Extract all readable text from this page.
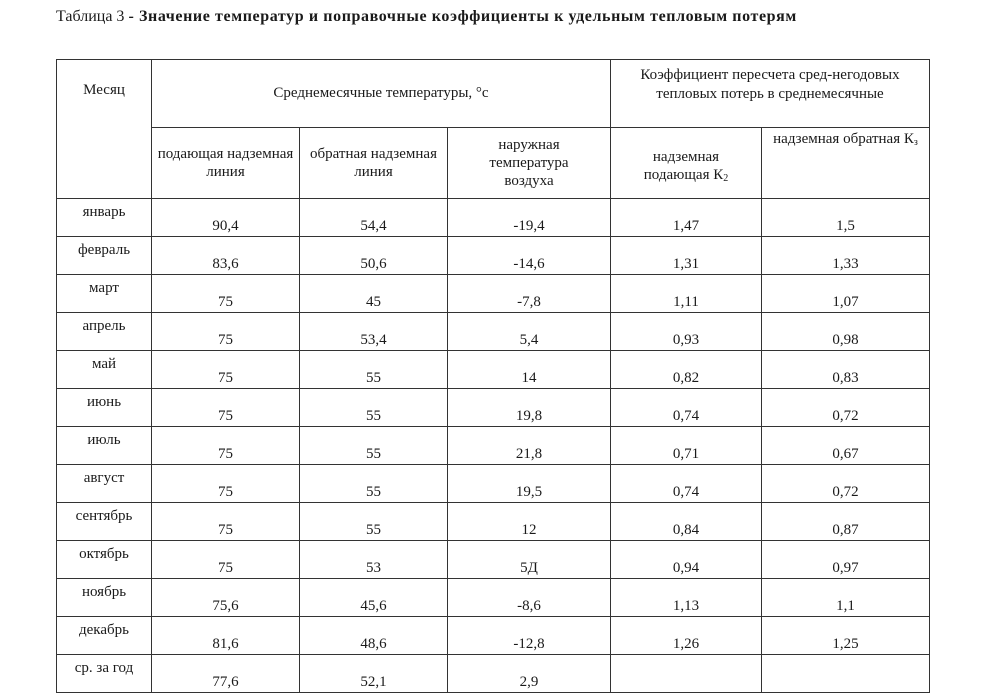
Таблица 3 - Значение температур и поправочные коэффициенты к удельным тепловым потерям
Месяц	Среднемесячные температуры, °с			Коэффициент пересчета сред-негодовых тепловых потерь в среднемесячные	
	подающая надземная линия	обратная надземная линия	наружная температура воздуха	надземная подающая $К_2$	надземная обратная $К_з$
январь	90,4	54,4	-19,4	1,47	1,5
февраль	83,6	50,6	-14,6	1,31	1,33
март	75	45	-7,8	1,11	1,07
апрель	75	53,4	5,4	0,93	0,98
май	75	55	14	0,82	0,83
июнь	75	55	19,8	0,74	0,72
июль	75	55	21,8	0,71	0,67
август	75	55	19,5	0,74	0,72
сентябрь	75	55	12	0,84	0,87
октябрь	75	53	5Д	0,94	0,97
ноябрь	75,6	45,6	-8,6	1,13	1,1
декабрь	81,6	48,6	-12,8	1,26	1,25
ср. за год	77,6	52,1	2,9		
